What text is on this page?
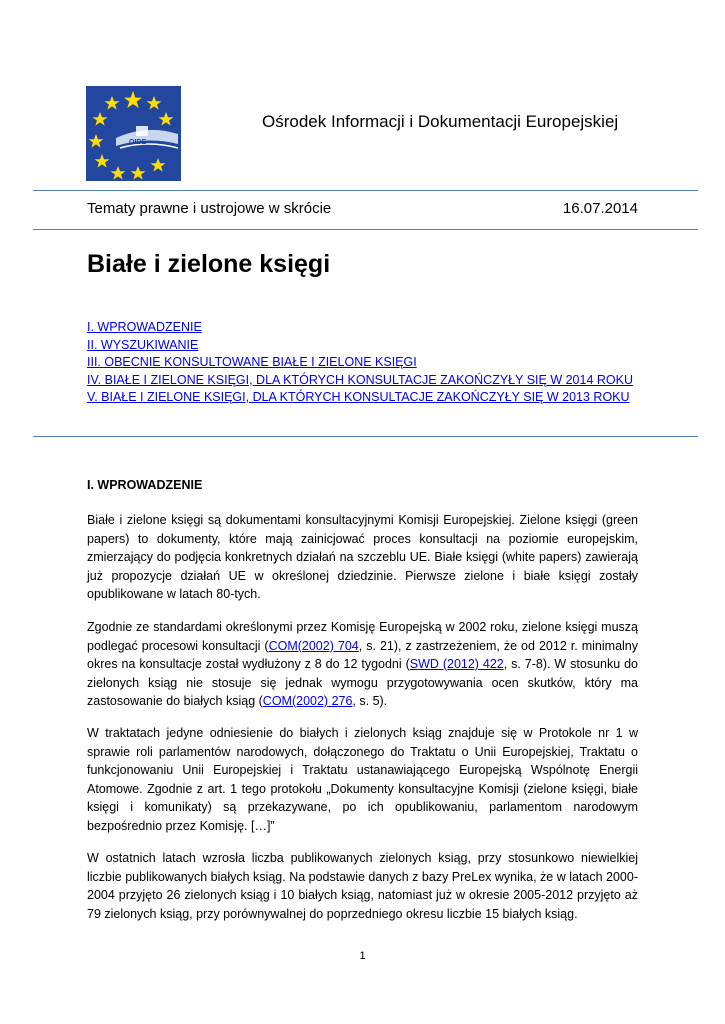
OIDE
Ośrodek Informacji i Dokumentacji Europejskiej
Tematy prawne i ustrojowe w skrócie	16.07.2014
Białe i zielone księgi
I. WPROWADZENIE
II. WYSZUKIWANIE
III. OBECNIE KONSULTOWANE BIAŁE I ZIELONE KSIĘGI
IV. BIAŁE I ZIELONE KSIĘGI, DLA KTÓRYCH KONSULTACJE ZAKOŃCZYŁY SIĘ W 2014 ROKU
V. BIAŁE I ZIELONE KSIĘGI, DLA KTÓRYCH KONSULTACJE ZAKOŃCZYŁY SIĘ W 2013 ROKU
I. WPROWADZENIE

Białe i zielone księgi są dokumentami konsultacyjnymi Komisji Europejskiej. Zielone księgi (green papers) to dokumenty, które mają zainicjować proces konsultacji na poziomie europejskim, zmierzający do podjęcia konkretnych działań na szczeblu UE. Białe księgi (white papers) zawierają już propozycje działań UE w określonej dziedzinie. Pierwsze zielone i białe księgi zostały opublikowane w latach 80-tych.

Zgodnie ze standardami określonymi przez Komisję Europejską w 2002 roku, zielone księgi muszą podlegać procesowi konsultacji (COM(2002) 704, s. 21), z zastrzeżeniem, że od 2012 r. minimalny okres na konsultacje został wydłużony z 8 do 12 tygodni (SWD (2012) 422, s. 7-8). W stosunku do zielonych ksiąg nie stosuje się jednak wymogu przygotowywania ocen skutków, który ma zastosowanie do białych ksiąg (COM(2002) 276, s. 5).

W traktatach jedyne odniesienie do białych i zielonych ksiąg znajduje się w Protokole nr 1 w sprawie roli parlamentów narodowych, dołączonego do Traktatu o Unii Europejskiej, Traktatu o funkcjonowaniu Unii Europejskiej i Traktatu ustanawiającego Europejską Wspólnotę Energii Atomowe. Zgodnie z art. 1 tego protokołu „Dokumenty konsultacyjne Komisji (zielone księgi, białe księgi i komunikaty) są przekazywane, po ich opublikowaniu, parlamentom narodowym bezpośrednio przez Komisję. […]”

W ostatnich latach wzrosła liczba publikowanych zielonych ksiąg, przy stosunkowo niewielkiej liczbie publikowanych białych ksiąg. Na podstawie danych z bazy PreLex wynika, że w latach 2000-2004 przyjęto 26 zielonych ksiąg i 10 białych ksiąg, natomiast już w okresie 2005-2012 przyjęto aż 79 zielonych ksiąg, przy porównywalnej do poprzedniego okresu liczbie 15 białych ksiąg.

1
